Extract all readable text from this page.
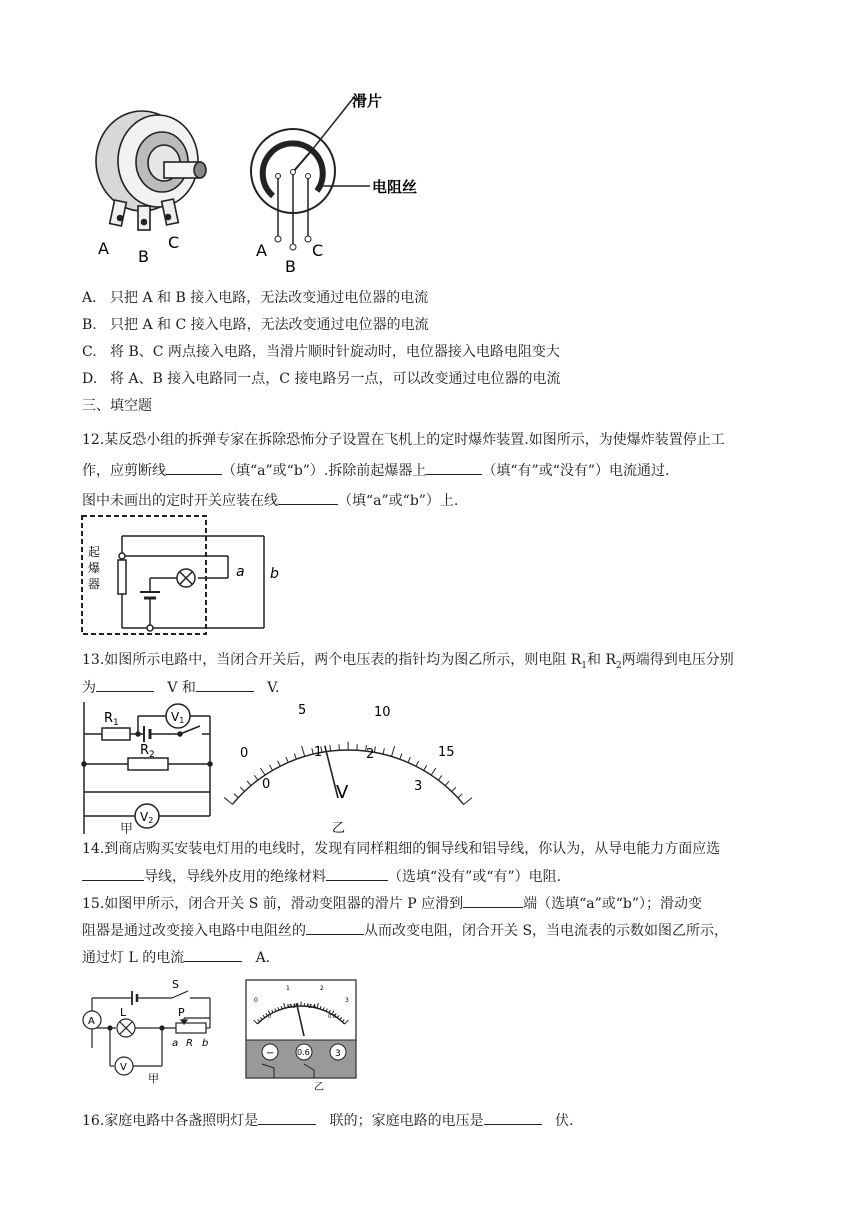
A B
C
滑片
电阻丝
A
B
C
A. 只把 A 和 B 接入电路，无法改变通过电位器的电流
B. 只把 A 和 C 接入电路，无法改变通过电位器的电流
C. 将 B、C 两点接入电路，当滑片顺时针旋动时，电位器接入电路电阻变大
D. 将 A、B 接入电路同一点，C 接电路另一点，可以改变通过电位器的电流
三、填空题
12.某反恐小组的拆弹专家在拆除恐怖分子设置在飞机上的定时爆炸装置.如图所示，为使爆炸装置停止工
作，应剪断线	（填“a”或“b”）.拆除前起爆器上	（填“有”或“没有”）电流通过.
图中未画出的定时开关应装在线	（填“a”或“b”）上.
起
爆
器
a b
13.如图所示电路中，当闭合开关后，两个电压表的指针均为图乙所示，则电阻 $R_1$和 $R_2$两端得到电压分别
为	V 和	V.
$R_1$
$R_2$
V1
V2
甲
0
5	10
15
0
1	2
3
V
乙
14.到商店购买安装电灯用的电线时，发现有同样粗细的铜导线和铝导线，你认为，从导电能力方面应选
导线，导线外皮用的绝缘材料	（选填“没有”或“有”）电阻.
15.如图甲所示，闭合开关 S 前，滑动变阻器的滑片 P 应滑到	端（选填“a”或“b”）；滑动变
阻器是通过改变接入电路中电阻丝的	从而改变电阻，闭合开关 S，当电流表的示数如图乙所示，
通过灯 L 的电流	A.
S
A
L	P
a R b
V
甲
0
1	2
3
0
0.2 0.4
0.6
−	0.6	3
乙
16.家庭电路中各盏照明灯是	联的；家庭电路的电压是	伏.
